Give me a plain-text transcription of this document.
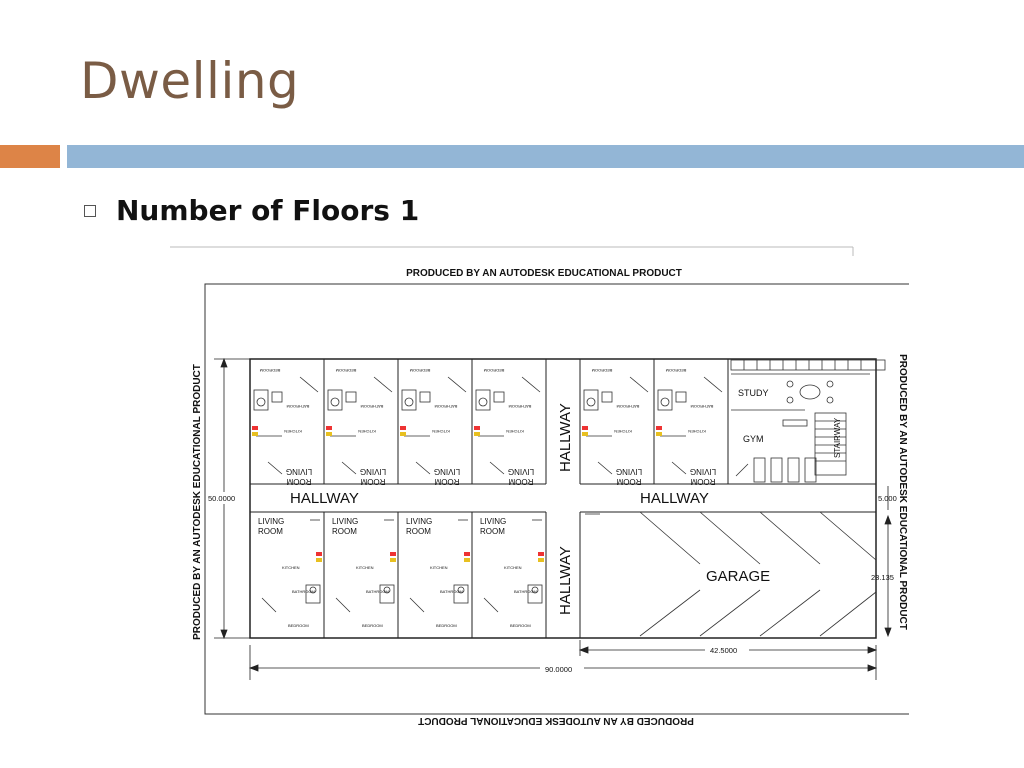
Dwelling
Number of Floors 1
PRODUCED BY AN AUTODESK EDUCATIONAL PRODUCT
PRODUCED BY AN AUTODESK EDUCATIONAL PRODUCT	PRODUCED BY AN AUTODESK EDUCATIONAL PRODUCT
PRODUCED BY AN AUTODESK EDUCATIONAL PRODUCT
LIVING
ROOM
LIVING
ROOM
LIVING
ROOM
LIVING
ROOM
LIVING
ROOM
LIVING
ROOM
KITCHEN	KITCHEN	KITCHEN	KITCHEN	KITCHEN	KITCHEN
BEDROOM	BEDROOM	BEDROOM	BEDROOM	BEDROOM	BEDROOM
BATHROOM	BATHROOM	BATHROOM	BATHROOM	BATHROOM	BATHROOM
LIVING
ROOM
LIVING
ROOM
LIVING
ROOM
LIVING
ROOM
KITCHEN	KITCHEN	KITCHEN	KITCHEN
BATHROOM	BATHROOM	BATHROOM	BATHROOM
BEDROOM	BEDROOM	BEDROOM	BEDROOM
HALLWAY	HALLWAY
HALLWAY
HALLWAY
STUDY
GYM	STAIRWAY
GARAGE
50.0000
90.0000
42.5000
5.000
23.135
